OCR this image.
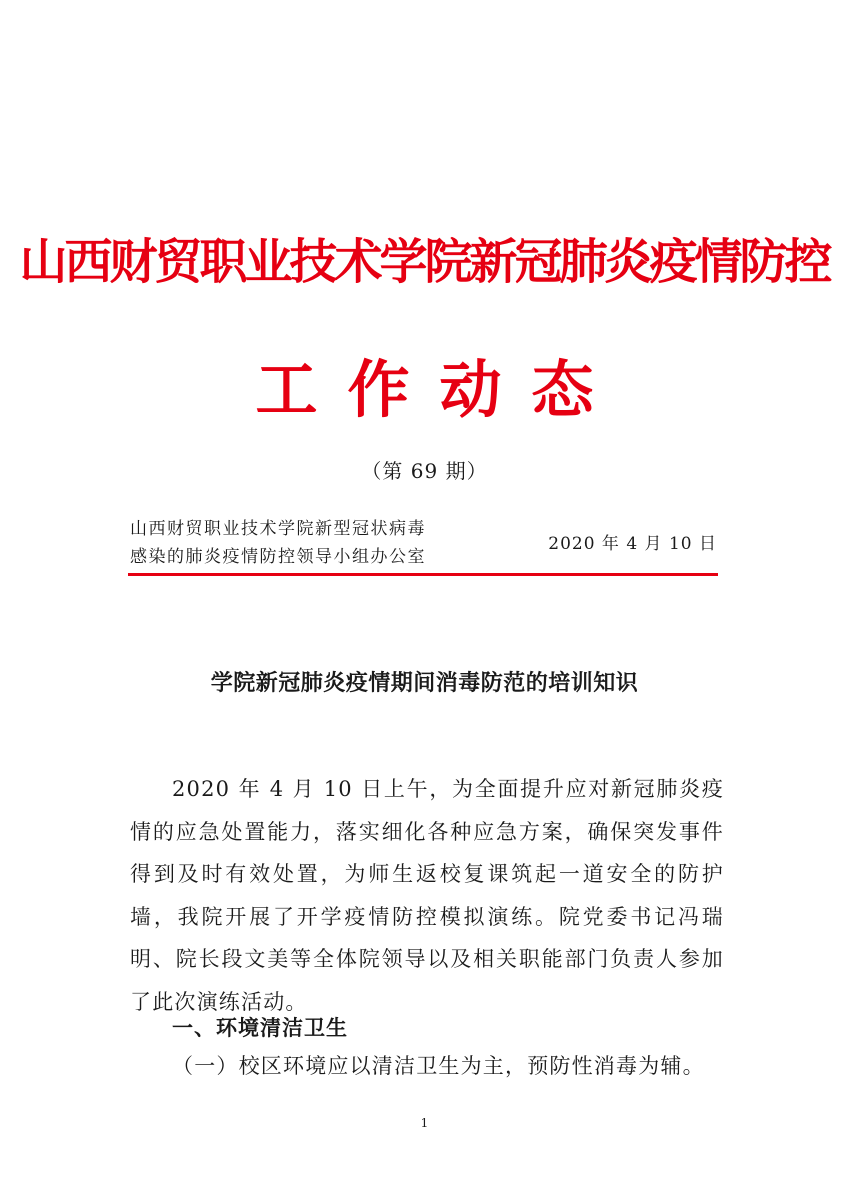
山西财贸职业技术学院新冠肺炎疫情防控
工作动态
（第 69 期）
山西财贸职业技术学院新型冠状病毒
感染的肺炎疫情防控领导小组办公室
2020 年 4 月 10 日
学院新冠肺炎疫情期间消毒防范的培训知识

2020 年 4 月 10 日上午，为全面提升应对新冠肺炎疫情的应急处置能力，落实细化各种应急方案，确保突发事件得到及时有效处置，为师生返校复课筑起一道安全的防护墙，我院开展了开学疫情防控模拟演练。院党委书记冯瑞明、院长段文美等全体院领导以及相关职能部门负责人参加了此次演练活动。

一、环境清洁卫生
（一）校区环境应以清洁卫生为主，预防性消毒为辅。
1
